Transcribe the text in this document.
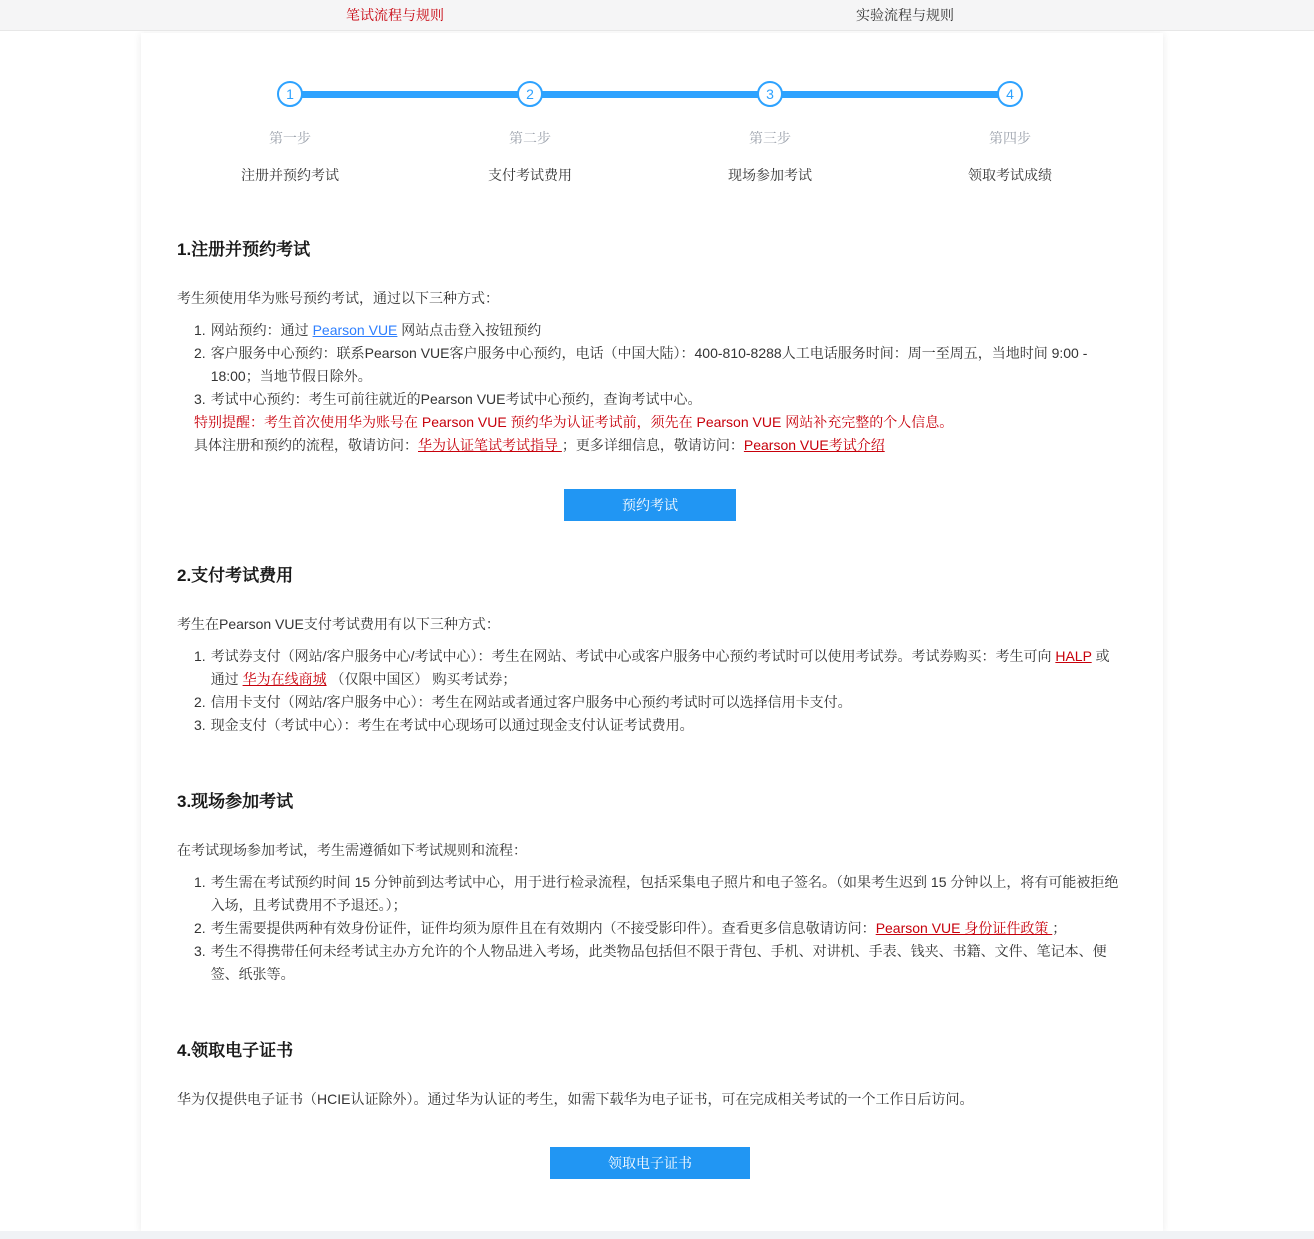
笔试流程与规则	实验流程与规则
1
第一步
注册并预约考试
2
第二步
支付考试费用
3
第三步
现场参加考试
4
第四步
领取考试成绩
1.注册并预约考试
考生须使用华为账号预约考试，通过以下三种方式：
1. 网站预约：通过 Pearson VUE 网站点击登入按钮预约
2. 客户服务中心预约：联系Pearson VUE客户服务中心预约，电话（中国大陆）：400-810-8288人工电话服务时间：周一至周五，当地时间 9:00 - 18:00；当地节假日除外。
3. 考试中心预约：考生可前往就近的Pearson VUE考试中心预约，查询考试中心。
特别提醒：考生首次使用华为账号在 Pearson VUE 预约华为认证考试前，须先在 Pearson VUE 网站补充完整的个人信息。
具体注册和预约的流程，敬请访问：华为认证笔试考试指导 ；更多详细信息，敬请访问：Pearson VUE考试介绍
预约考试
2.支付考试费用
考生在Pearson VUE支付考试费用有以下三种方式：
1. 考试券支付（网站/客户服务中心/考试中心）：考生在网站、考试中心或客户服务中心预约考试时可以使用考试券。考试券购买：考生可向 HALP 或通过 华为在线商城 （仅限中国区） 购买考试券；
2. 信用卡支付（网站/客户服务中心）：考生在网站或者通过客户服务中心预约考试时可以选择信用卡支付。
3. 现金支付（考试中心）：考生在考试中心现场可以通过现金支付认证考试费用。
3.现场参加考试
在考试现场参加考试，考生需遵循如下考试规则和流程：
1. 考生需在考试预约时间 15 分钟前到达考试中心，用于进行检录流程，包括采集电子照片和电子签名。（如果考生迟到 15 分钟以上，将有可能被拒绝入场，且考试费用不予退还。）；
2. 考生需要提供两种有效身份证件，证件均须为原件且在有效期内（不接受影印件）。查看更多信息敬请访问：Pearson VUE 身份证件政策 ；
3. 考生不得携带任何未经考试主办方允许的个人物品进入考场，此类物品包括但不限于背包、手机、对讲机、手表、钱夹、书籍、文件、笔记本、便签、纸张等。
4.领取电子证书
华为仅提供电子证书（HCIE认证除外）。通过华为认证的考生，如需下载华为电子证书，可在完成相关考试的一个工作日后访问。
领取电子证书
